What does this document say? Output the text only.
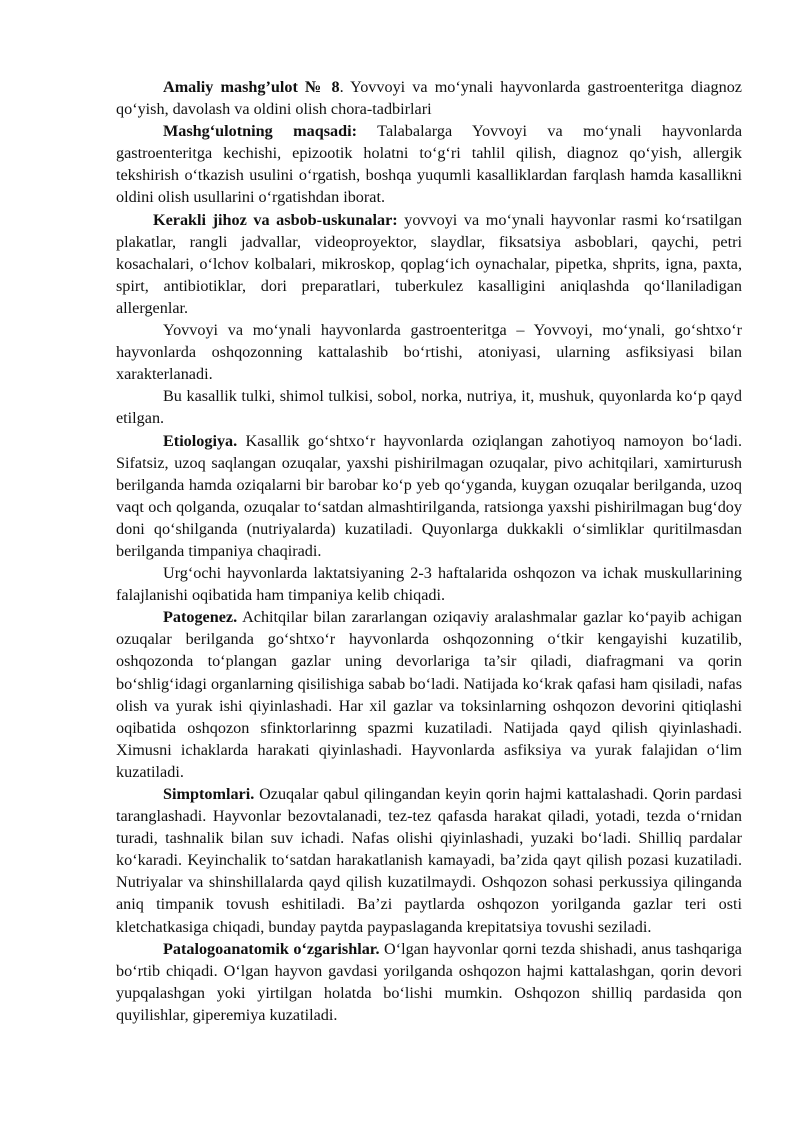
Amaliy mashg’ulot № 8. Yovvoyi va mo‘ynali hayvonlarda gastroenteritga diagnoz qo‘yish, davolash va oldini olish chora-tadbirlari

Mashg‘ulotning maqsadi: Talabalarga Yovvoyi va mo‘ynali hayvonlarda gastroenteritga kechishi, epizootik holatni to‘g‘ri tahlil qilish, diagnoz qo‘yish, allergik tekshirish o‘tkazish usulini o‘rgatish, boshqa yuqumli kasalliklardan farqlash hamda kasallikni oldini olish usullarini o‘rgatishdan iborat.

Kerakli jihoz va asbob-uskunalar: yovvoyi va mo‘ynali hayvonlar rasmi ko‘rsatilgan plakatlar, rangli jadvallar, videoproyektor, slaydlar, fiksatsiya asboblari, qaychi, petri kosachalari, o‘lchov kolbalari, mikroskop, qoplag‘ich oynachalar, pipetka, shprits, igna, paxta, spirt, antibiotiklar, dori preparatlari, tuberkulez kasalligini aniqlashda qo‘llaniladigan allergenlar.

Yovvoyi va mo‘ynali hayvonlarda gastroenteritga – Yovvoyi, mo‘ynali, go‘shtxo‘r hayvonlarda oshqozonning kattalashib bo‘rtishi, atoniyasi, ularning asfiksiyasi bilan xarakterlanadi.

Bu kasallik tulki, shimol tulkisi, sobol, norka, nutriya, it, mushuk, quyonlarda ko‘p qayd etilgan.

Etiologiya. Kasallik go‘shtxo‘r hayvonlarda oziqlangan zahotiyoq namoyon bo‘ladi. Sifatsiz, uzoq saqlangan ozuqalar, yaxshi pishirilmagan ozuqalar, pivo achitqilari, xamirturush berilganda hamda oziqalarni bir barobar ko‘p yeb qo‘yganda, kuygan ozuqalar berilganda, uzoq vaqt och qolganda, ozuqalar to‘satdan almashtirilganda, ratsionga yaxshi pishirilmagan bug‘doy doni qo‘shilganda (nutriyalarda) kuzatiladi. Quyonlarga dukkakli o‘simliklar quritilmasdan berilganda timpaniya chaqiradi.

Urg‘ochi hayvonlarda laktatsiyaning 2-3 haftalarida oshqozon va ichak muskullarining falajlanishi oqibatida ham timpaniya kelib chiqadi.

Patogenez. Achitqilar bilan zararlangan oziqaviy aralashmalar gazlar ko‘payib achigan ozuqalar berilganda go‘shtxo‘r hayvonlarda oshqozonning o‘tkir kengayishi kuzatilib, oshqozonda to‘plangan gazlar uning devorlariga ta’sir qiladi, diafragmani va qorin bo‘shlig‘idagi organlarning qisilishiga sabab bo‘ladi. Natijada ko‘krak qafasi ham qisiladi, nafas olish va yurak ishi qiyinlashadi. Har xil gazlar va toksinlarning oshqozon devorini qitiqlashi oqibatida oshqozon sfinktorlarinng spazmi kuzatiladi. Natijada qayd qilish qiyinlashadi. Ximusni ichaklarda harakati qiyinlashadi. Hayvonlarda asfiksiya va yurak falajidan o‘lim kuzatiladi.

Simptomlari. Ozuqalar qabul qilingandan keyin qorin hajmi kattalashadi. Qorin pardasi taranglashadi. Hayvonlar bezovtalanadi, tez-tez qafasda harakat qiladi, yotadi, tezda o‘rnidan turadi, tashnalik bilan suv ichadi. Nafas olishi qiyinlashadi, yuzaki bo‘ladi. Shilliq pardalar ko‘karadi. Keyinchalik to‘satdan harakatlanish kamayadi, ba’zida qayt qilish pozasi kuzatiladi. Nutriyalar va shinshillalarda qayd qilish kuzatilmaydi. Oshqozon sohasi perkussiya qilinganda aniq timpanik tovush eshitiladi. Ba’zi paytlarda oshqozon yorilganda gazlar teri osti kletchatkasiga chiqadi, bunday paytda paypaslaganda krepitatsiya tovushi seziladi.

Patalogoanatomik o‘zgarishlar. O‘lgan hayvonlar qorni tezda shishadi, anus tashqariga bo‘rtib chiqadi. O‘lgan hayvon gavdasi yorilganda oshqozon hajmi kattalashgan, qorin devori yupqalashgan yoki yirtilgan holatda bo‘lishi mumkin. Oshqozon shilliq pardasida qon quyilishlar, giperemiya kuzatiladi.
